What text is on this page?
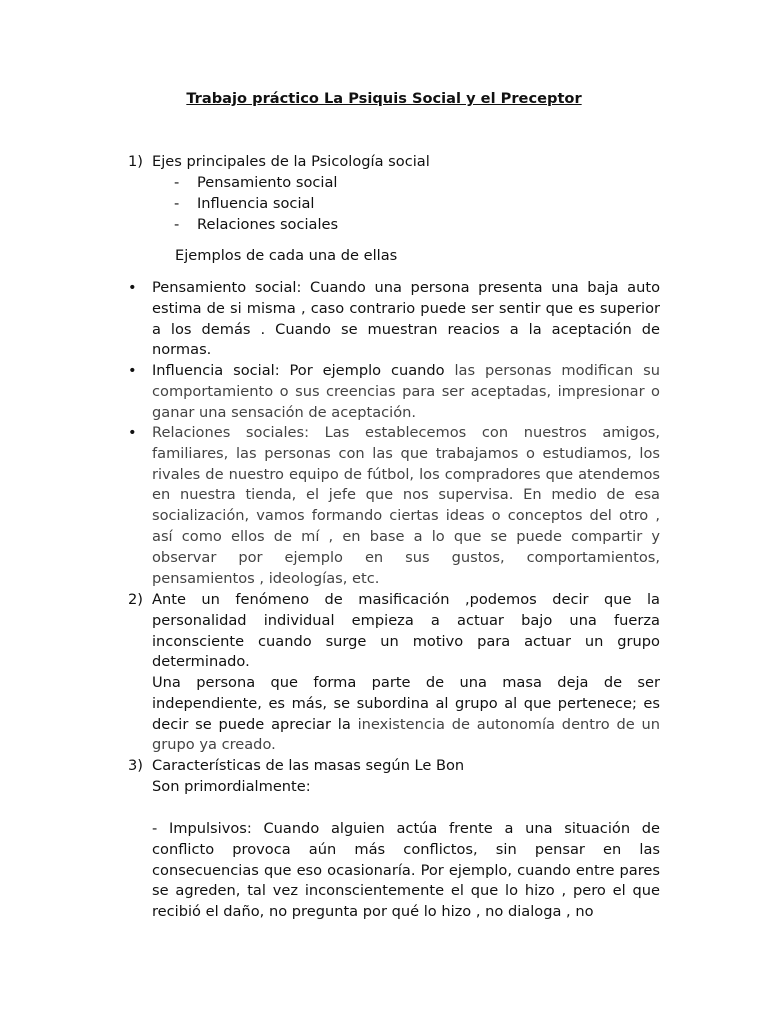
Trabajo práctico La Psiquis Social y el Preceptor
1) Ejes principales de la Psicología social
- Pensamiento social
- Influencia social
- Relaciones sociales
Ejemplos de cada una de ellas
• Pensamiento social: Cuando una persona presenta una baja auto estima de si misma , caso contrario puede ser sentir que es superior a los demás . Cuando se muestran reacios a la aceptación de normas.
• Influencia social: Por ejemplo cuando las personas modifican su comportamiento o sus creencias para ser aceptadas, impresionar o ganar una sensación de aceptación.
• Relaciones sociales: Las establecemos con nuestros amigos, familiares, las personas con las que trabajamos o estudiamos, los rivales de nuestro equipo de fútbol, los compradores que atendemos en nuestra tienda, el jefe que nos supervisa. En medio de esa socialización, vamos formando ciertas ideas o conceptos del otro , así como ellos de mí , en base a lo que se puede compartir y observar por ejemplo en sus gustos, comportamientos, pensamientos , ideologías, etc.
2) Ante un fenómeno de masificación ,podemos decir que la personalidad individual empieza a actuar bajo una fuerza inconsciente cuando surge un motivo para actuar un grupo determinado.
Una persona que forma parte de una masa deja de ser independiente, es más, se subordina al grupo al que pertenece; es decir se puede apreciar la inexistencia de autonomía dentro de un grupo ya creado.
3) Características de las masas según Le Bon
Son primordialmente:
- Impulsivos: Cuando alguien actúa frente a una situación de conflicto provoca aún más conflictos, sin pensar en las consecuencias que eso ocasionaría. Por ejemplo, cuando entre pares se agreden, tal vez inconscientemente el que lo hizo , pero el que recibió el daño, no pregunta por qué lo hizo , no dialoga , no
